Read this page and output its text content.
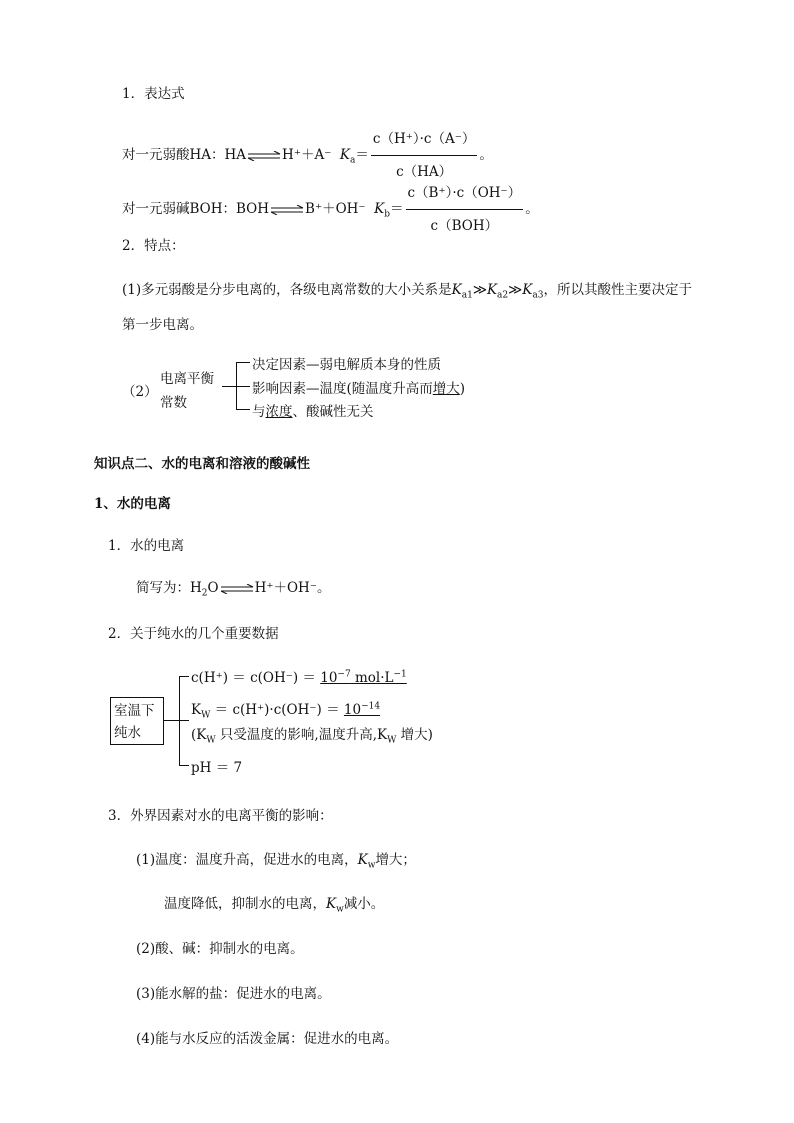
1．表达式
对一元弱酸HA：HA⇌H⁺＋A⁻ $K_a= \frac{c(H^+)\cdot c(A^-)}{c(HA)}$ 。
对一元弱碱BOH：BOH⇌B⁺＋OH⁻ $K_b= \frac{c(B^+)\cdot c(OH^-)}{\text{c（BOH）}}$ 。
2．特点：
(1)多元弱酸是分步电离的，各级电离常数的大小关系是$K_{a1}≫K_{a2}≫K_{a3}$，所以其酸性主要决定于
第一步电离。
（2）
电离平衡
常数
决定因素—弱电解质本身的性质
影响因素—温度(随温度升高而增大)
与浓度、酸碱性无关
知识点二、水的电离和溶液的酸碱性
1、水的电离
1．水的电离
简写为：$H_2O\rightleftharpoons H^++OH^-$。
2．关于纯水的几个重要数据
室温下
纯水
$c(H^+) = c(OH^-) = 10^{-7}$ $mol\cdot L^{-1}$
$K_W = c(H^+)\cdot c(OH^-) = 10^{-14}$
($K_W$ 只受温度的影响,温度升高$,K_W$ 增大)
pH ＝ 7
3．外界因素对水的电离平衡的影响：
(1)温度：温度升高，促进水的电离，$K_w$增大；
温度降低，抑制水的电离，$K_w$减小。
(2)酸、碱：抑制水的电离。
(3)能水解的盐：促进水的电离。
(4)能与水反应的活泼金属：促进水的电离。
